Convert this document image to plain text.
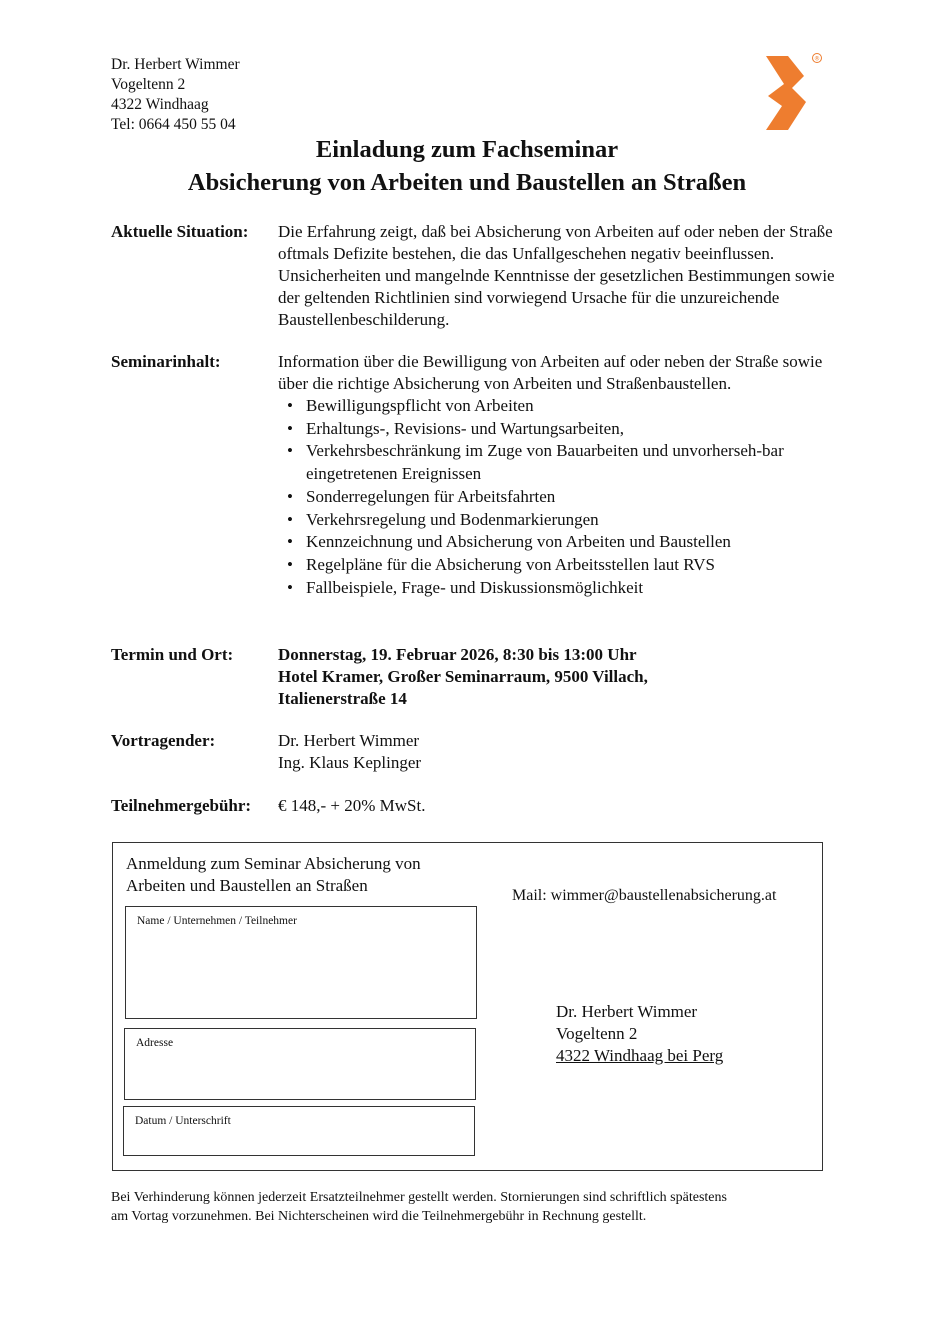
Dr. Herbert Wimmer
Vogeltenn 2
4322 Windhaag
Tel: 0664 450 55 04
®
Einladung zum Fachseminar
Absicherung von Arbeiten und Baustellen an Straßen
Aktuelle Situation: Die Erfahrung zeigt, daß bei Absicherung von Arbeiten auf oder neben der Straße oftmals Defizite bestehen, die das Unfallgeschehen negativ beeinflussen. Unsicherheiten und mangelnde Kenntnisse der gesetzlichen Bestimmungen sowie der geltenden Richtlinien sind vorwiegend Ursache für die unzureichende Baustellenbeschilderung.

Seminarinhalt:	Information über die Bewilligung von Arbeiten auf oder neben der Straße sowie über die richtige Absicherung von Arbeiten und Straßenbaustellen.

• Bewilligungspflicht von Arbeiten
• Erhaltungs-, Revisions- und Wartungsarbeiten,
• Verkehrsbeschränkung im Zuge von Bauarbeiten und unvorherseh-bar eingetretenen Ereignissen
• Sonderregelungen für Arbeitsfahrten
• Verkehrsregelung und Bodenmarkierungen
• Kennzeichnung und Absicherung von Arbeiten und Baustellen
• Regelpläne für die Absicherung von Arbeitsstellen laut RVS
• Fallbeispiele, Frage- und Diskussionsmöglichkeit
Termin und Ort:	Donnerstag, 19. Februar 2026, 8:30 bis 13:00 Uhr
Hotel Kramer, Großer Seminarraum, 9500 Villach,
Italienerstraße 14
Vortragender:	Dr. Herbert Wimmer
Ing. Klaus Keplinger
Teilnehmergebühr: € 148,- + 20% MwSt.
Anmeldung zum Seminar Absicherung von
Arbeiten und Baustellen an Straßen
Mail: wimmer@baustellenabsicherung.at
Name / Unternehmen / Teilnehmer
Adresse
Datum / Unterschrift
Dr. Herbert Wimmer
Vogeltenn 2
4322 Windhaag bei Perg
Bei Verhinderung können jederzeit Ersatzteilnehmer gestellt werden. Stornierungen sind schriftlich spätestens
am Vortag vorzunehmen. Bei Nichterscheinen wird die Teilnehmergebühr in Rechnung gestellt.
